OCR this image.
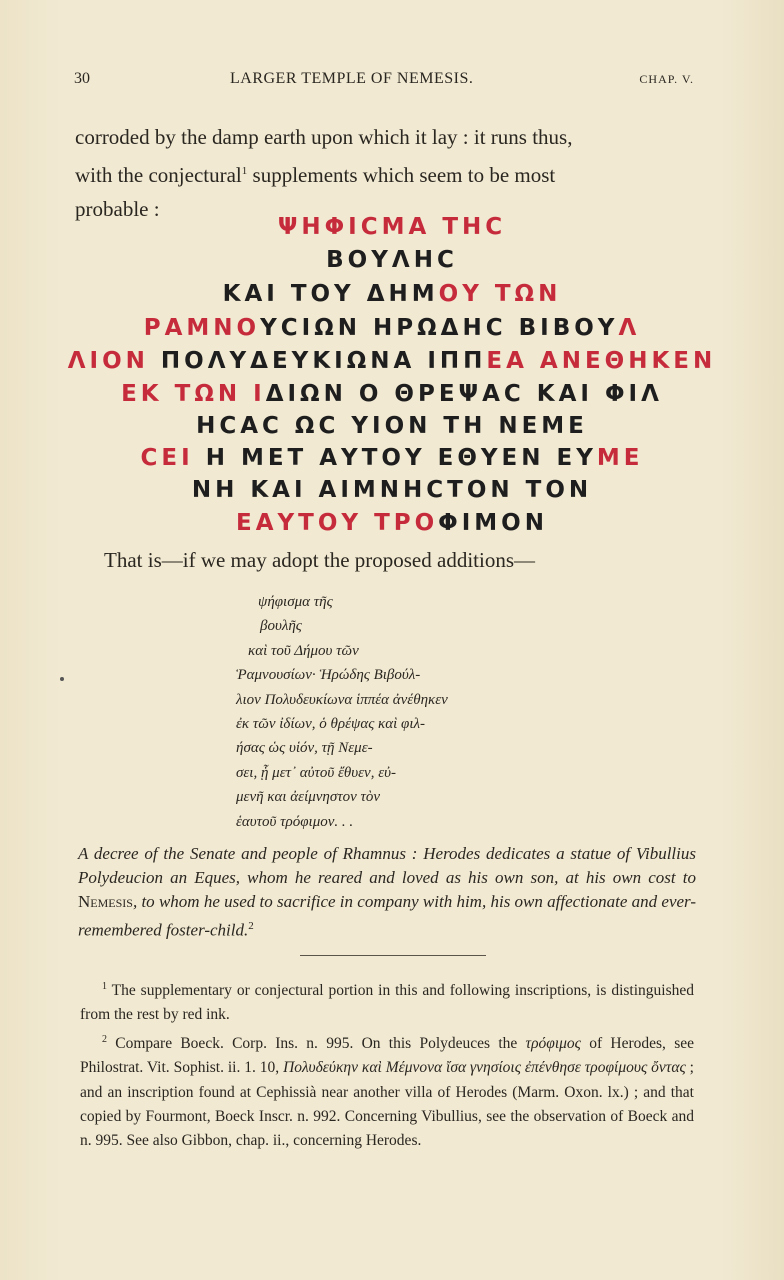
30	LARGER TEMPLE OF NEMESIS.	CHAP. V.
corroded by the damp earth upon which it lay : it runs thus,
with the conjectural$^1$ supplements which seem to be most
probable :
ΨΗΦΙϹΜΑ ΤΗϹ
ΒΟΥΛΗϹ
ΚΑΙ ΤΟΥ ΔΗΜΟΥ ΤΩΝ
ΡΑΜΝΟΥϹΙΩΝ ΗΡΩΔΗϹ ΒΙΒΟΥΛ
ΛΙΟΝ ΠΟΛΥΔΕΥΚΙΩΝΑ ΙΠΠΕΑ ΑΝΕΘΗΚΕΝ
ΕΚ ΤΩΝ ΙΔΙΩΝ Ο ΘΡΕΨΑϹ ΚΑΙ ΦΙΛ
ΗϹΑϹ ΩϹ ΥΙΟΝ ΤΗ ΝΕΜΕ
ϹΕΙ Η ΜΕΤ ΑΥΤΟΥ ΕΘΥΕΝ ΕΥΜΕ
ΝΗ ΚΑΙ ΑΙΜΝΗϹΤΟΝ ΤΟΝ
ΕΑΥΤΟΥ ΤΡΟΦΙΜΟΝ
That is—if we may adopt the proposed additions—
ψήφισμα τῆς
βουλῆς
καὶ τοῦ Δήμου τῶν
Ῥαμνουσίων· Ἡρώδης Βιβούλ-
λιον Πολυδευκίωνα ἱππέα ἀνέθηκεν
ἐκ τῶν ἰδίων, ὁ θρέψας καὶ φιλ-
ήσας ὡς υἱόν, τῇ Νεμε-
σει, ᾗ μετ᾽ αὐτοῦ ἔθυεν, εὐ-
μενῆ και ἀείμνηστον τὸν
ἑαυτοῦ τρόφιμον. . .
A decree of the Senate and people of Rhamnus : Herodes dedicates a statue of Vibullius Polydeucion an Eques, whom he reared and loved as his own son, at his own cost to Nemesis, to whom he used to sacrifice in company with him, his own affectionate and ever-remembered foster-child.$^2$

$^1$ The supplementary or conjectural portion in this and following inscriptions, is distinguished from the rest by red ink.

$^2$ Compare Boeck. Corp. Ins. n. 995. On this Polydeuces the τρόφιμος of Herodes, see Philostrat. Vit. Sophist. ii. 1. 10, Πολυδεύκην καὶ Μέμνονα ἴσα γνησίοις ἐπένθησε τροφίμους ὄντας ; and an inscription found at Cephissià near another villa of Herodes (Marm. Oxon. lx.) ; and that copied by Fourmont, Boeck Inscr. n. 992. Concerning Vibullius, see the observation of Boeck and n. 995. See also Gibbon, chap. ii., concerning Herodes.
